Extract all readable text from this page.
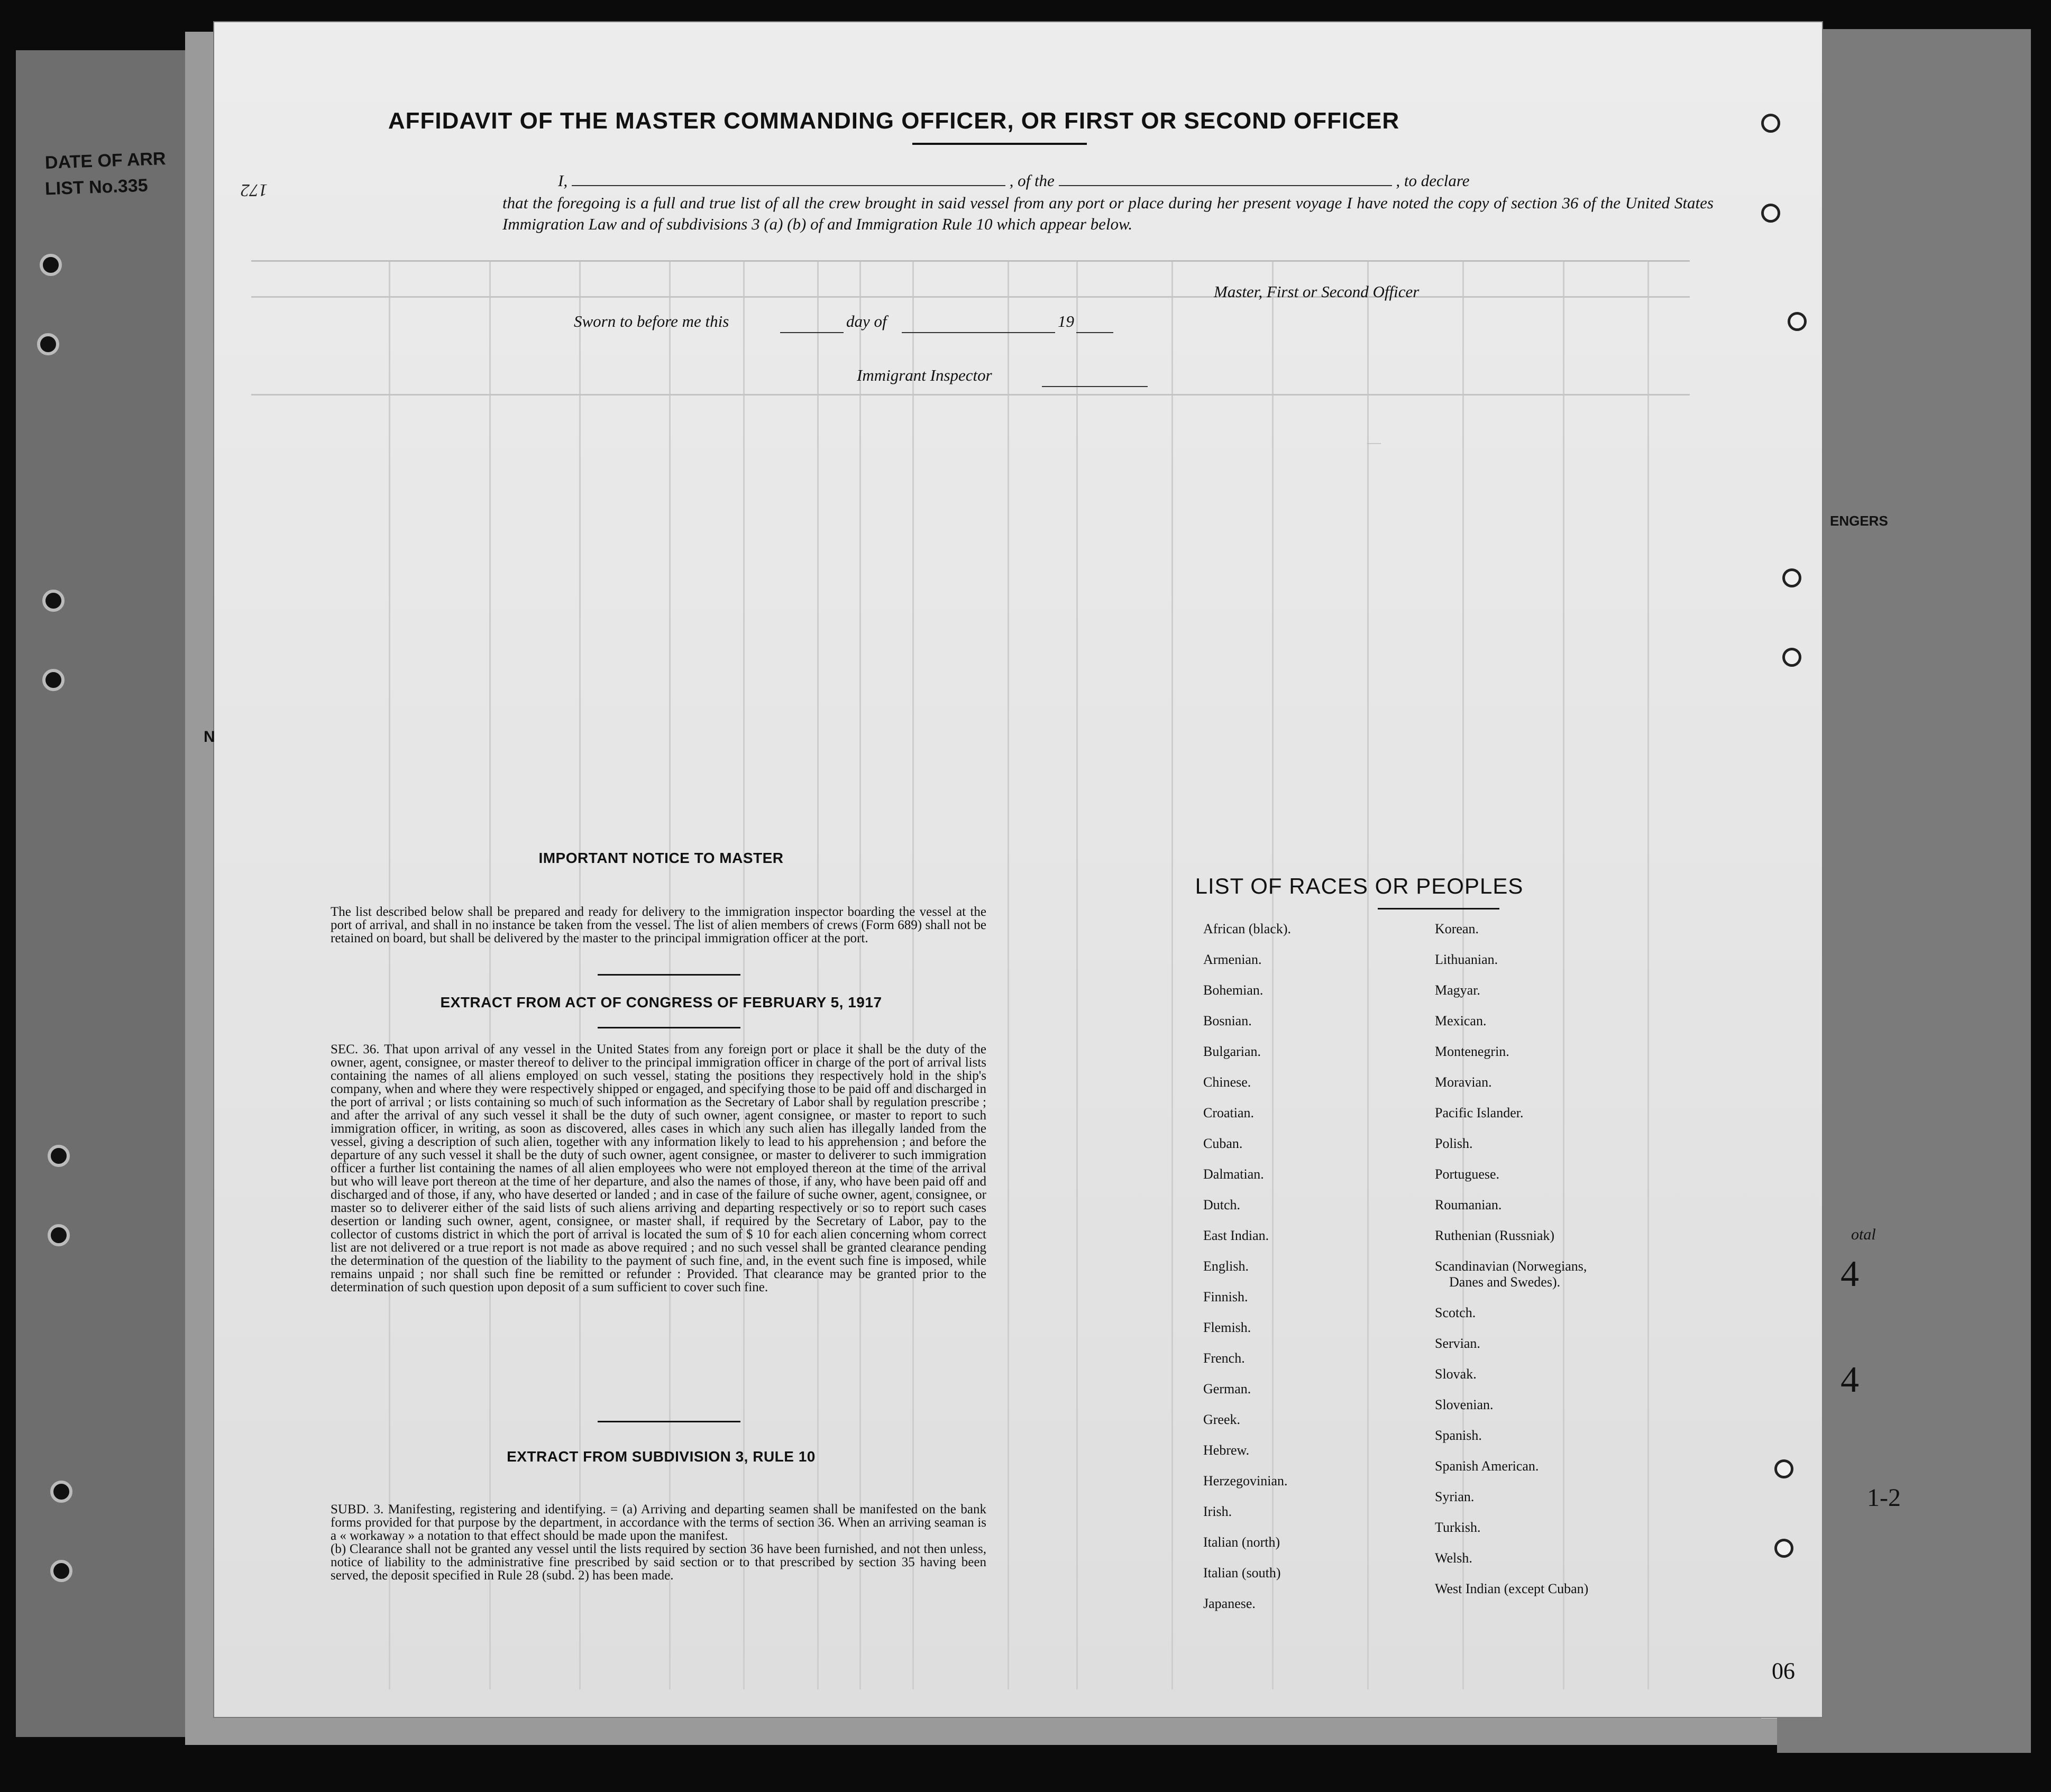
DATE OF ARR
LIST No.335
AFFIDAVIT OF THE MASTER COMMANDING OFFICER, OR FIRST OR SECOND OFFICER
I,	, of the	, to declare
that the foregoing is a full and true list of all the crew brought in said vessel from any port or place during her present voyage I have noted the copy of section 36 of the United States Immigration Law and of subdivisions 3 (a) (b) of and Immigration Rule 10 which appear below.
Master, First or Second Officer
Sworn to before me this	day of	19
Immigrant Inspector
―
IMPORTANT NOTICE TO MASTER
The list described below shall be prepared and ready for delivery to the immigration inspector boarding the vessel at the port of arrival, and shall in no instance be taken from the vessel. The list of alien members of crews (Form 689) shall not be retained on board, but shall be delivered by the master to the principal immigration officer at the port.
EXTRACT FROM ACT OF CONGRESS OF FEBRUARY 5, 1917
SEC. 36. That upon arrival of any vessel in the United States from any foreign port or place it shall be the duty of the owner, agent, consignee, or master thereof to deliver to the principal immigration officer in charge of the port of arrival lists containing the names of all aliens employed on such vessel, stating the positions they respectively hold in the ship's company, when and where they were respectively shipped or engaged, and specifying those to be paid off and discharged in the port of arrival ; or lists containing so much of such information as the Secretary of Labor shall by regulation prescribe ; and after the arrival of any such vessel it shall be the duty of such owner, agent consignee, or master to report to such immigration officer, in writing, as soon as discovered, alles cases in which any such alien has illegally landed from the vessel, giving a description of such alien, together with any information likely to lead to his apprehension ; and before the departure of any such vessel it shall be the duty of such owner, agent consignee, or master to deliverer to such immigration officer a further list containing the names of all alien employees who were not employed thereon at the time of the arrival but who will leave port thereon at the time of her departure, and also the names of those, if any, who have been paid off and discharged and of those, if any, who have deserted or landed ; and in case of the failure of suche owner, agent, consignee, or master so to deliverer either of the said lists of such aliens arriving and departing respectively or so to report such cases desertion or landing such owner, agent, consignee, or master shall, if required by the Secretary of Labor, pay to the collector of customs district in which the port of arrival is located the sum of $ 10 for each alien concerning whom correct list are not delivered or a true report is not made as above required ; and no such vessel shall be granted clearance pending the determination of the question of the liability to the payment of such fine, and, in the event such fine is imposed, while remains unpaid ; nor shall such fine be remitted or refunder : Provided. That clearance may be granted prior to the determination of such question upon deposit of a sum sufficient to cover such fine.
EXTRACT FROM SUBDIVISION 3, RULE 10

SUBD. 3. Manifesting, registering and identifying. = (a) Arriving and departing seamen shall be manifested on the bank forms provided for that purpose by the department, in accordance with the terms of section 36. When an arriving seaman is a « workaway » a notation to that effect should be made upon the manifest.

(b) Clearance shall not be granted any vessel until the lists required by section 36 have been furnished, and not then unless, notice of liability to the administrative fine prescribed by said section or to that prescribed by section 35 having been served, the deposit specified in Rule 28 (subd. 2) has been made.

LIST OF RACES OR PEOPLES
African (black).
Armenian.
Bohemian.
Bosnian.
Bulgarian.
Chinese.
Croatian.
Cuban.
Dalmatian.
Dutch.
East Indian.
English.
Finnish.
Flemish.
French.
German.
Greek.
Hebrew.
Herzegovinian.
Irish.
Italian (north)
Italian (south)
Japanese.
Korean.
Lithuanian.
Magyar.
Mexican.
Montenegrin.
Moravian.
Pacific Islander.
Polish.
Portuguese.
Roumanian.
Ruthenian (Russniak)
Scandinavian (Norwegians,
Danes and Swedes).
Scotch.
Servian.
Slovak.
Slovenian.
Spanish.
Spanish American.
Syrian.
Turkish.
Welsh.
West Indian (except Cuban)
172
N
ENGERS
otal
4
4
1-2
90
